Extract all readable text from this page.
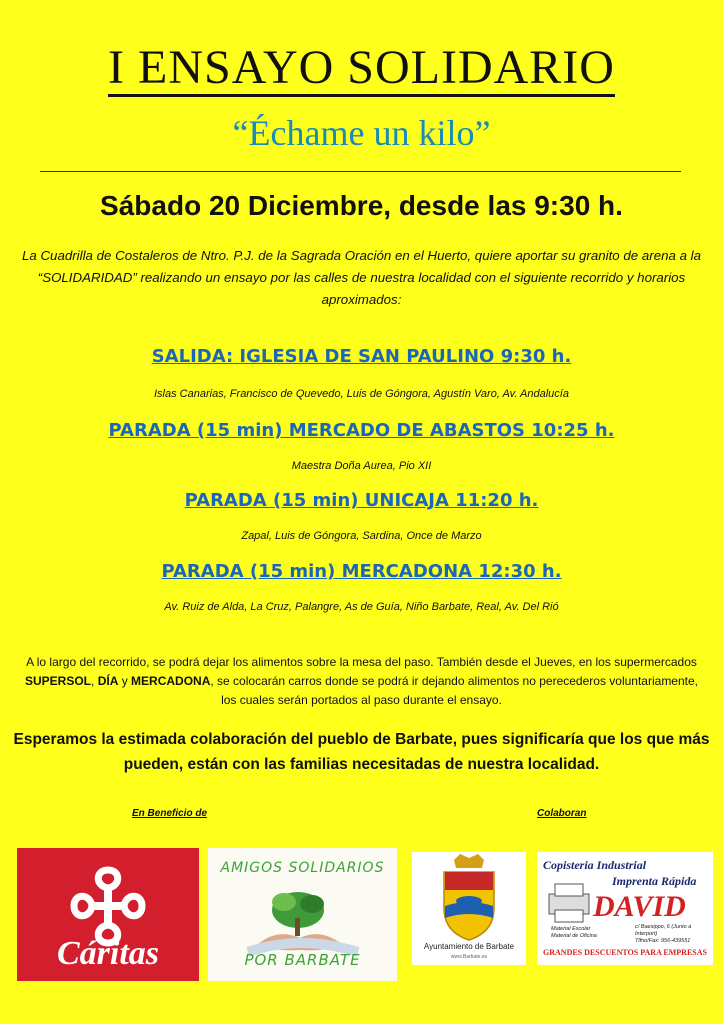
I ENSAYO SOLIDARIO
“Échame un kilo”
Sábado 20 Diciembre, desde las 9:30 h.
La Cuadrilla de Costaleros de Ntro. P.J. de la Sagrada Oración en el Huerto, quiere aportar su granito de arena a la “SOLIDARIDAD” realizando un ensayo por las calles de nuestra localidad con el siguiente recorrido y horarios aproximados:
SALIDA: IGLESIA DE SAN PAULINO 9:30 h.
Islas Canarias, Francisco de Quevedo, Luis de Góngora, Agustín Varo, Av. Andalucía
PARADA (15 min) MERCADO DE ABASTOS 10:25 h.
Maestra Doña Aurea, Pio XII
PARADA (15 min) UNICAJA 11:20 h.
Zapal, Luis de Góngora, Sardina, Once de Marzo
PARADA (15 min) MERCADONA 12:30 h.
Av. Ruiz de Alda, La Cruz, Palangre, As de Guía, Niño Barbate, Real, Av. Del Rió
A lo largo del recorrido, se podrá dejar los alimentos sobre la mesa del paso. También desde el Jueves, en los supermercados SUPERSOL, DÍA y MERCADONA, se colocarán carros donde se podrá ir dejando alimentos no perecederos voluntariamente, los cuales serán portados al paso durante el ensayo.
Esperamos la estimada colaboración del pueblo de Barbate, pues significaría que los que más pueden, están con las familias necesitadas de nuestra localidad.
En Beneficio de	Colaboran
Cáritas
AMIGOS SOLIDARIOS
POR BARBATE
Ayuntamiento de Barbate
www.Barbate.es
Copisteria Industrial
Imprenta Rápida
DAVID
Material Escolar
Material de Oficina
c/ Baesippo, 6 (Junto a Interport)
Tlfno/Fax: 956-439551
GRANDES DESCUENTOS PARA EMPRESAS
